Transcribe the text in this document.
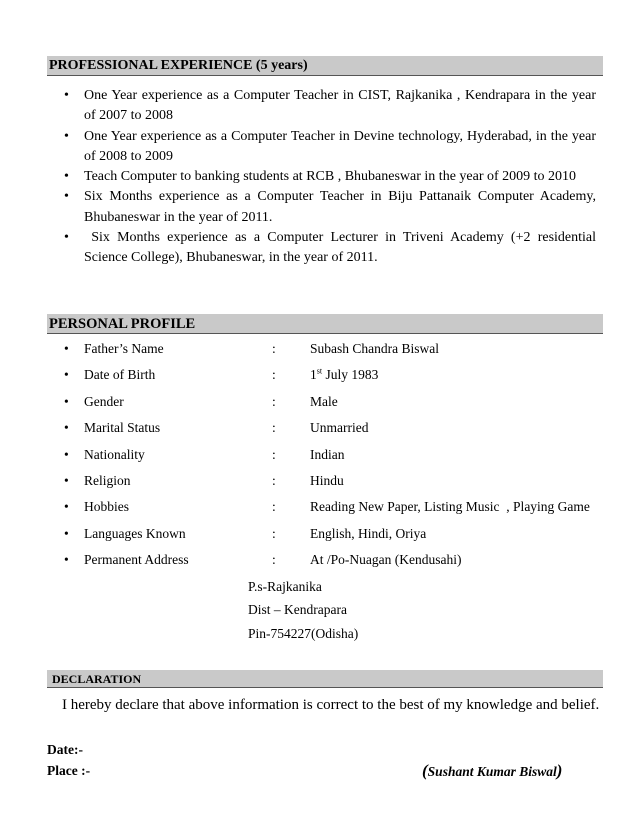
PROFESSIONAL EXPERIENCE (5 years)
• One Year experience as a Computer Teacher in CIST, Rajkanika , Kendrapara in the year of 2007 to 2008
• One Year experience as a Computer Teacher in Devine technology, Hyderabad, in the year of 2008 to 2009
• Teach Computer to banking students at RCB , Bhubaneswar in the year of 2009 to 2010
• Six Months experience as a Computer Teacher in Biju Pattanaik Computer Academy, Bhubaneswar in the year of 2011.
• Six Months experience as a Computer Lecturer in Triveni Academy (+2 residential Science College), Bhubaneswar, in the year of 2011.
PERSONAL PROFILE
• Father’s Name	:	Subash Chandra Biswal
• Date of Birth	:	1st July 1983
• Gender	:	Male
• Marital Status	:	Unmarried
• Nationality	:	Indian
• Religion	:	Hindu
• Hobbies	:	Reading New Paper, Listing Music  , Playing Game
• Languages Known	:	English, Hindi, Oriya
• Permanent Address	:	At /Po-Nuagan (Kendusahi)
P.s-Rajkanika
Dist – Kendrapara
Pin-754227(Odisha)
DECLARATION
I hereby declare that above information is correct to the best of my knowledge and belief.
Date:-
Place :-	(Sushant Kumar Biswal)
